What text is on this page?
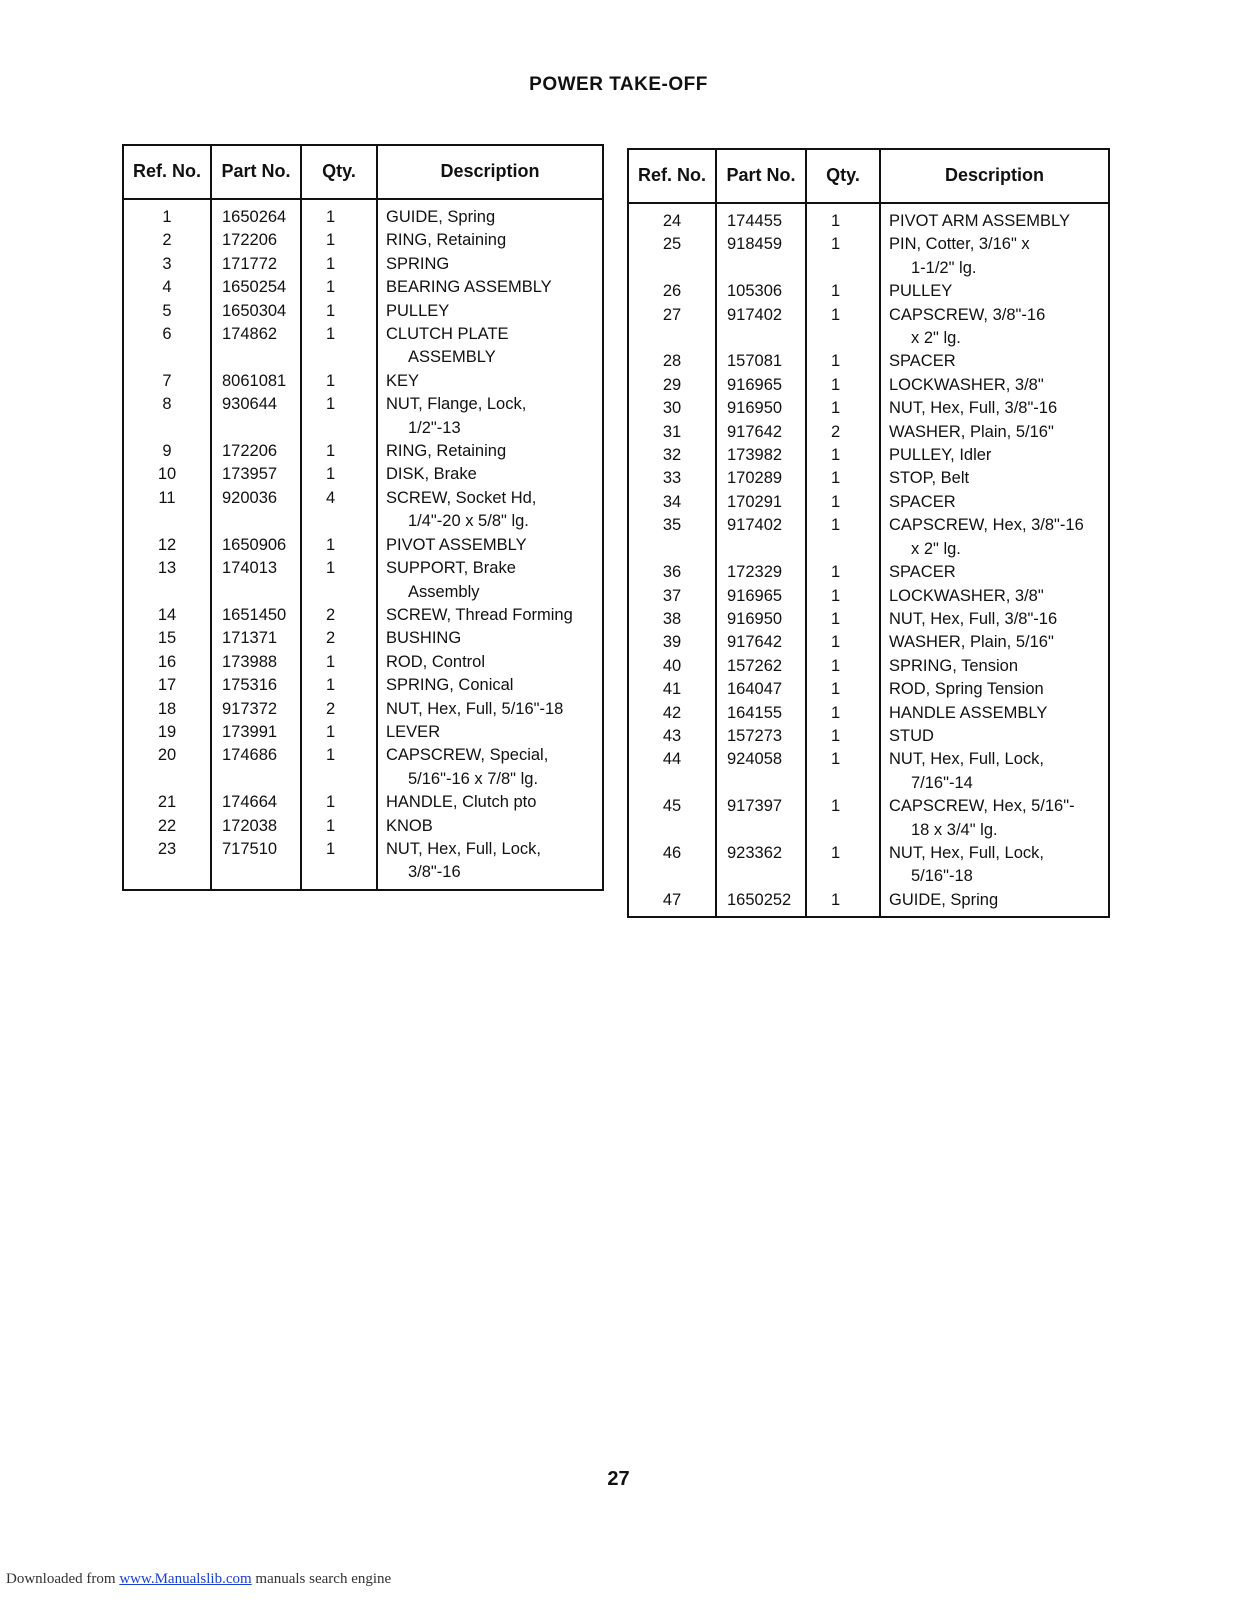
POWER TAKE-OFF
Ref. No.	Part No.	Qty.	Description
1	1650264	1	GUIDE, Spring

2	172206	1	RING, Retaining

3	171772	1	SPRING

4	1650254	1	BEARING ASSEMBLY

5	1650304	1	PULLEY

6	174862	1	CLUTCH PLATE
ASSEMBLY

7	8061081	1	KEY

8	930644	1	NUT, Flange, Lock,
1/2"-13

9	172206	1	RING, Retaining

10	173957	1	DISK, Brake

11	920036	4	SCREW, Socket Hd,
1/4"-20 x 5/8" lg.

12	1650906	1	PIVOT ASSEMBLY

13	174013	1	SUPPORT, Brake
Assembly

14	1651450	2	SCREW, Thread Forming

15	171371	2	BUSHING

16	173988	1	ROD, Control

17	175316	1	SPRING, Conical

18	917372	2	NUT, Hex, Full, 5/16"-18

19	173991	1	LEVER

20	174686	1	CAPSCREW, Special,
5/16"-16 x 7/8" lg.

21	174664	1	HANDLE, Clutch pto

22	172038	1	KNOB

23	717510	1	NUT, Hex, Full, Lock,
3/8"-16
Ref. No.	Part No.	Qty.	Description
24	174455	1	PIVOT ARM ASSEMBLY

25	918459	1	PIN, Cotter, 3/16" x
1-1/2" lg.

26	105306	1	PULLEY

27	917402	1	CAPSCREW, 3/8"-16
x 2" lg.

28	157081	1	SPACER

29	916965	1	LOCKWASHER, 3/8"

30	916950	1	NUT, Hex, Full, 3/8"-16

31	917642	2	WASHER, Plain, 5/16"

32	173982	1	PULLEY, Idler

33	170289	1	STOP, Belt

34	170291	1	SPACER

35	917402	1	CAPSCREW, Hex, 3/8"-16
x 2" lg.

36	172329	1	SPACER

37	916965	1	LOCKWASHER, 3/8"

38	916950	1	NUT, Hex, Full, 3/8"-16

39	917642	1	WASHER, Plain, 5/16"

40	157262	1	SPRING, Tension

41	164047	1	ROD, Spring Tension

42	164155	1	HANDLE ASSEMBLY

43	157273	1	STUD

44	924058	1	NUT, Hex, Full, Lock,
7/16"-14

45	917397	1	CAPSCREW, Hex, 5/16"-
18 x 3/4" lg.

46	923362	1	NUT, Hex, Full, Lock,
5/16"-18

47	1650252	1	GUIDE, Spring
27
Downloaded from www.Manualslib.com manuals search engine
